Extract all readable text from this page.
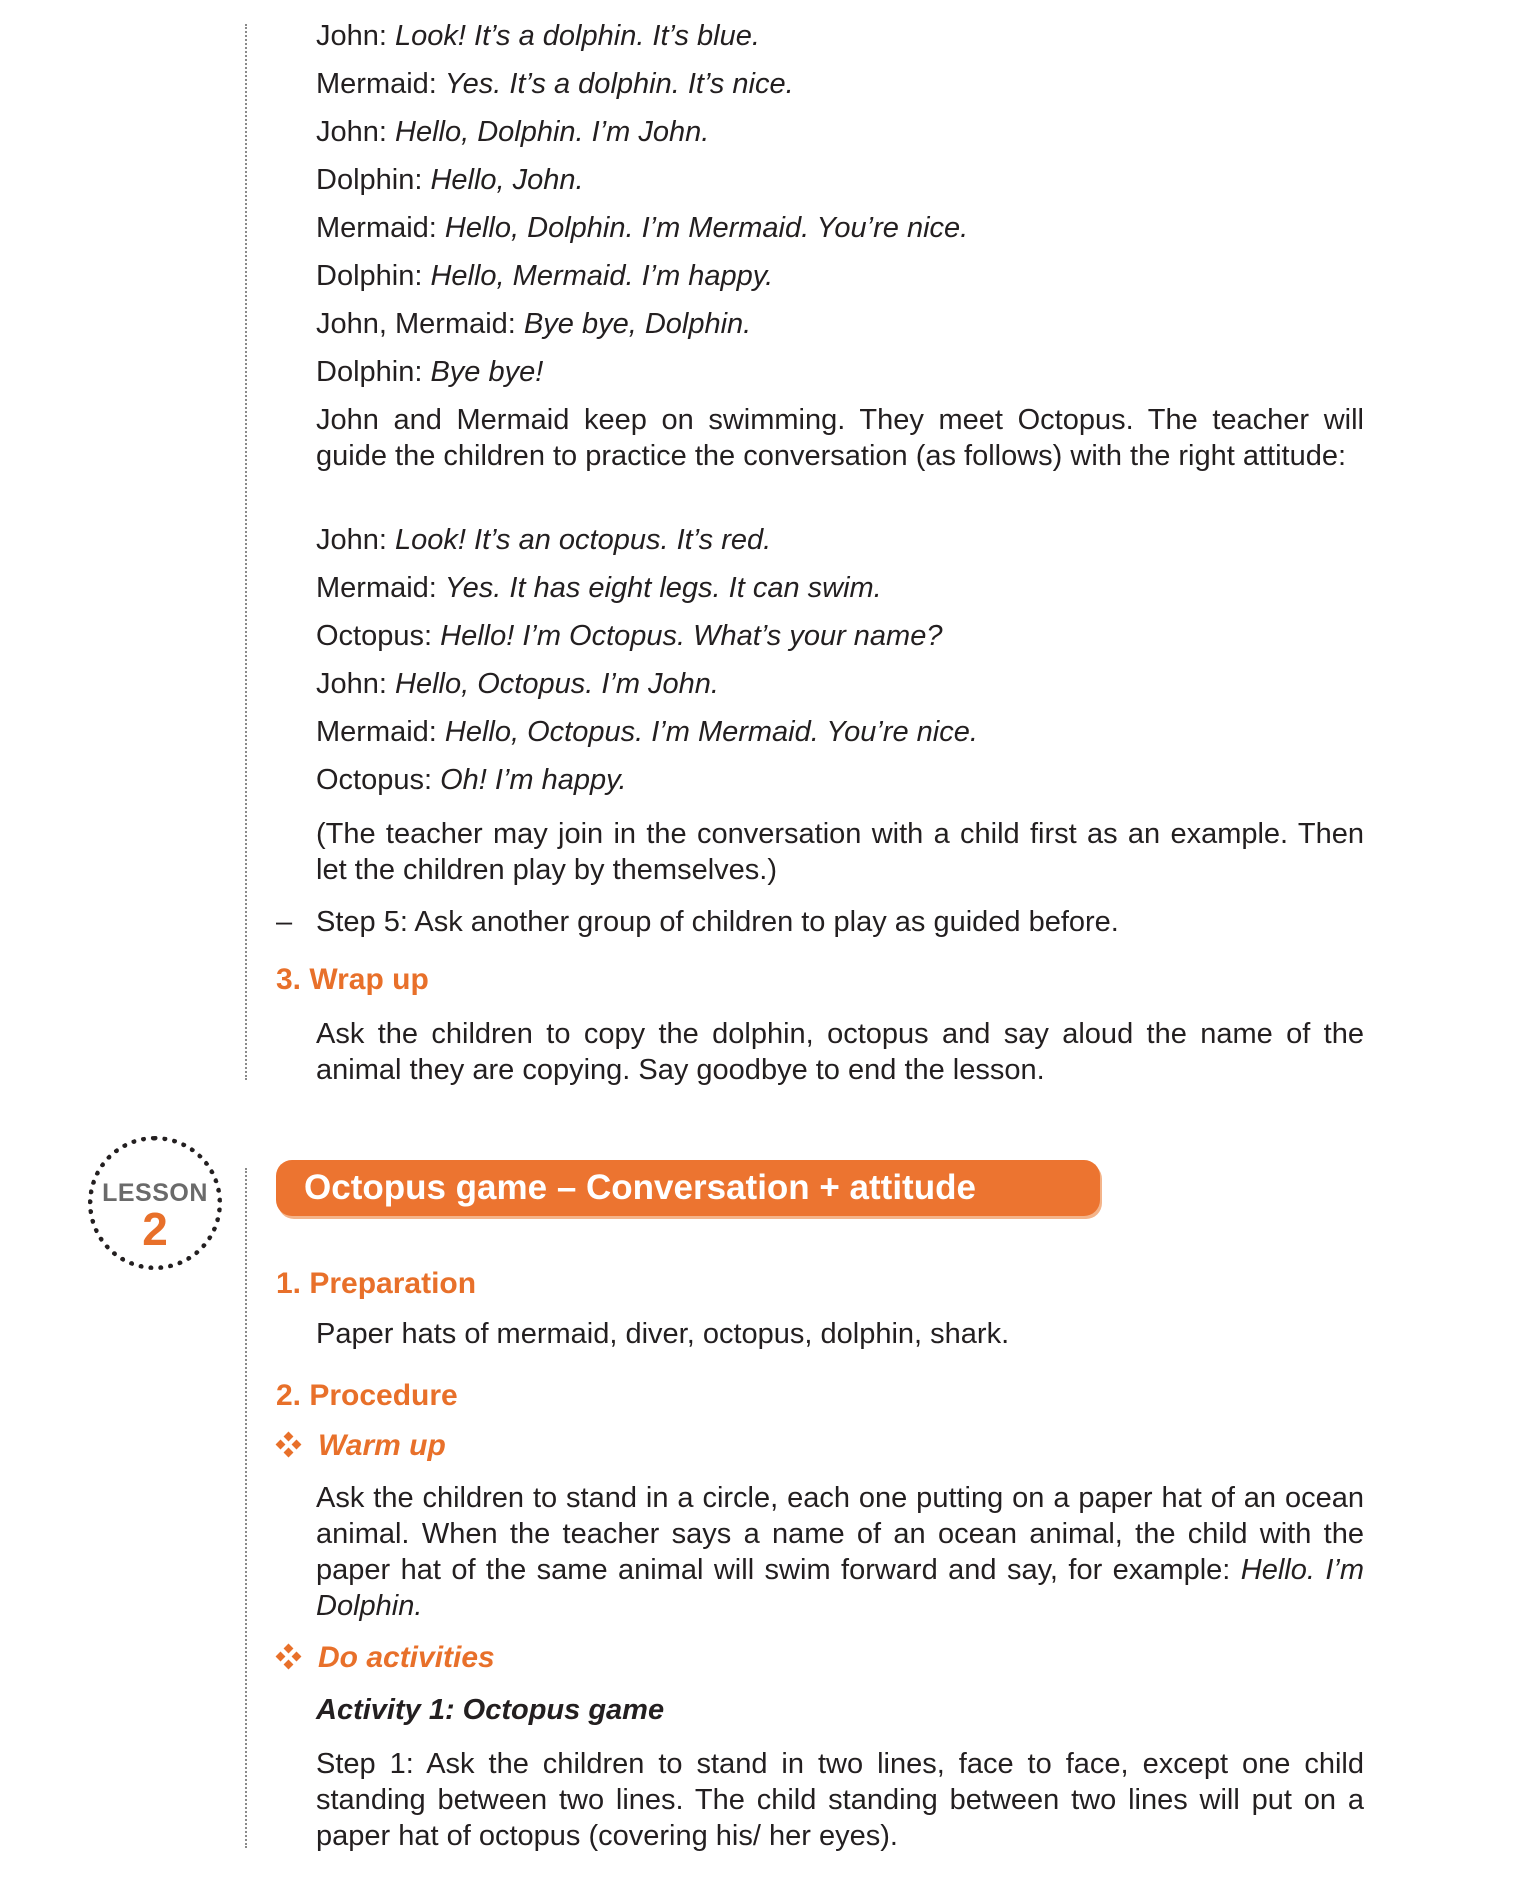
John: Look! It’s a dolphin. It’s blue.

Mermaid: Yes. It’s a dolphin. It’s nice.

John: Hello, Dolphin. I’m John.

Dolphin: Hello, John.

Mermaid: Hello, Dolphin. I’m Mermaid. You’re nice.

Dolphin: Hello, Mermaid. I’m happy.

John, Mermaid: Bye bye, Dolphin.

Dolphin: Bye bye!

John and Mermaid keep on swimming. They meet Octopus. The teacher will guide the children to practice the conversation (as follows) with the right attitude:

John: Look! It’s an octopus. It’s red.

Mermaid: Yes. It has eight legs. It can swim.

Octopus: Hello! I’m Octopus. What’s your name?

John: Hello, Octopus. I’m John.

Mermaid: Hello, Octopus. I’m Mermaid. You’re nice.

Octopus: Oh! I’m happy.

(The teacher may join in the conversation with a child first as an example. Then let the children play by themselves.)

– Step 5: Ask another group of children to play as guided before.

3. Wrap up

Ask the children to copy the dolphin, octopus and say aloud the name of the animal they are copying. Say goodbye to end the lesson.

LESSON
2
Octopus game – Conversation + attitude

1. Preparation

Paper hats of mermaid, diver, octopus, dolphin, shark.

2. Procedure

Warm up

Ask the children to stand in a circle, each one putting on a paper hat of an ocean animal. When the teacher says a name of an ocean animal, the child with the paper hat of the same animal will swim forward and say, for example: Hello. I’m Dolphin.

Do activities

Activity 1: Octopus game

Step 1: Ask the children to stand in two lines, face to face, except one child standing between two lines. The child standing between two lines will put on a paper hat of octopus (covering his/ her eyes).
